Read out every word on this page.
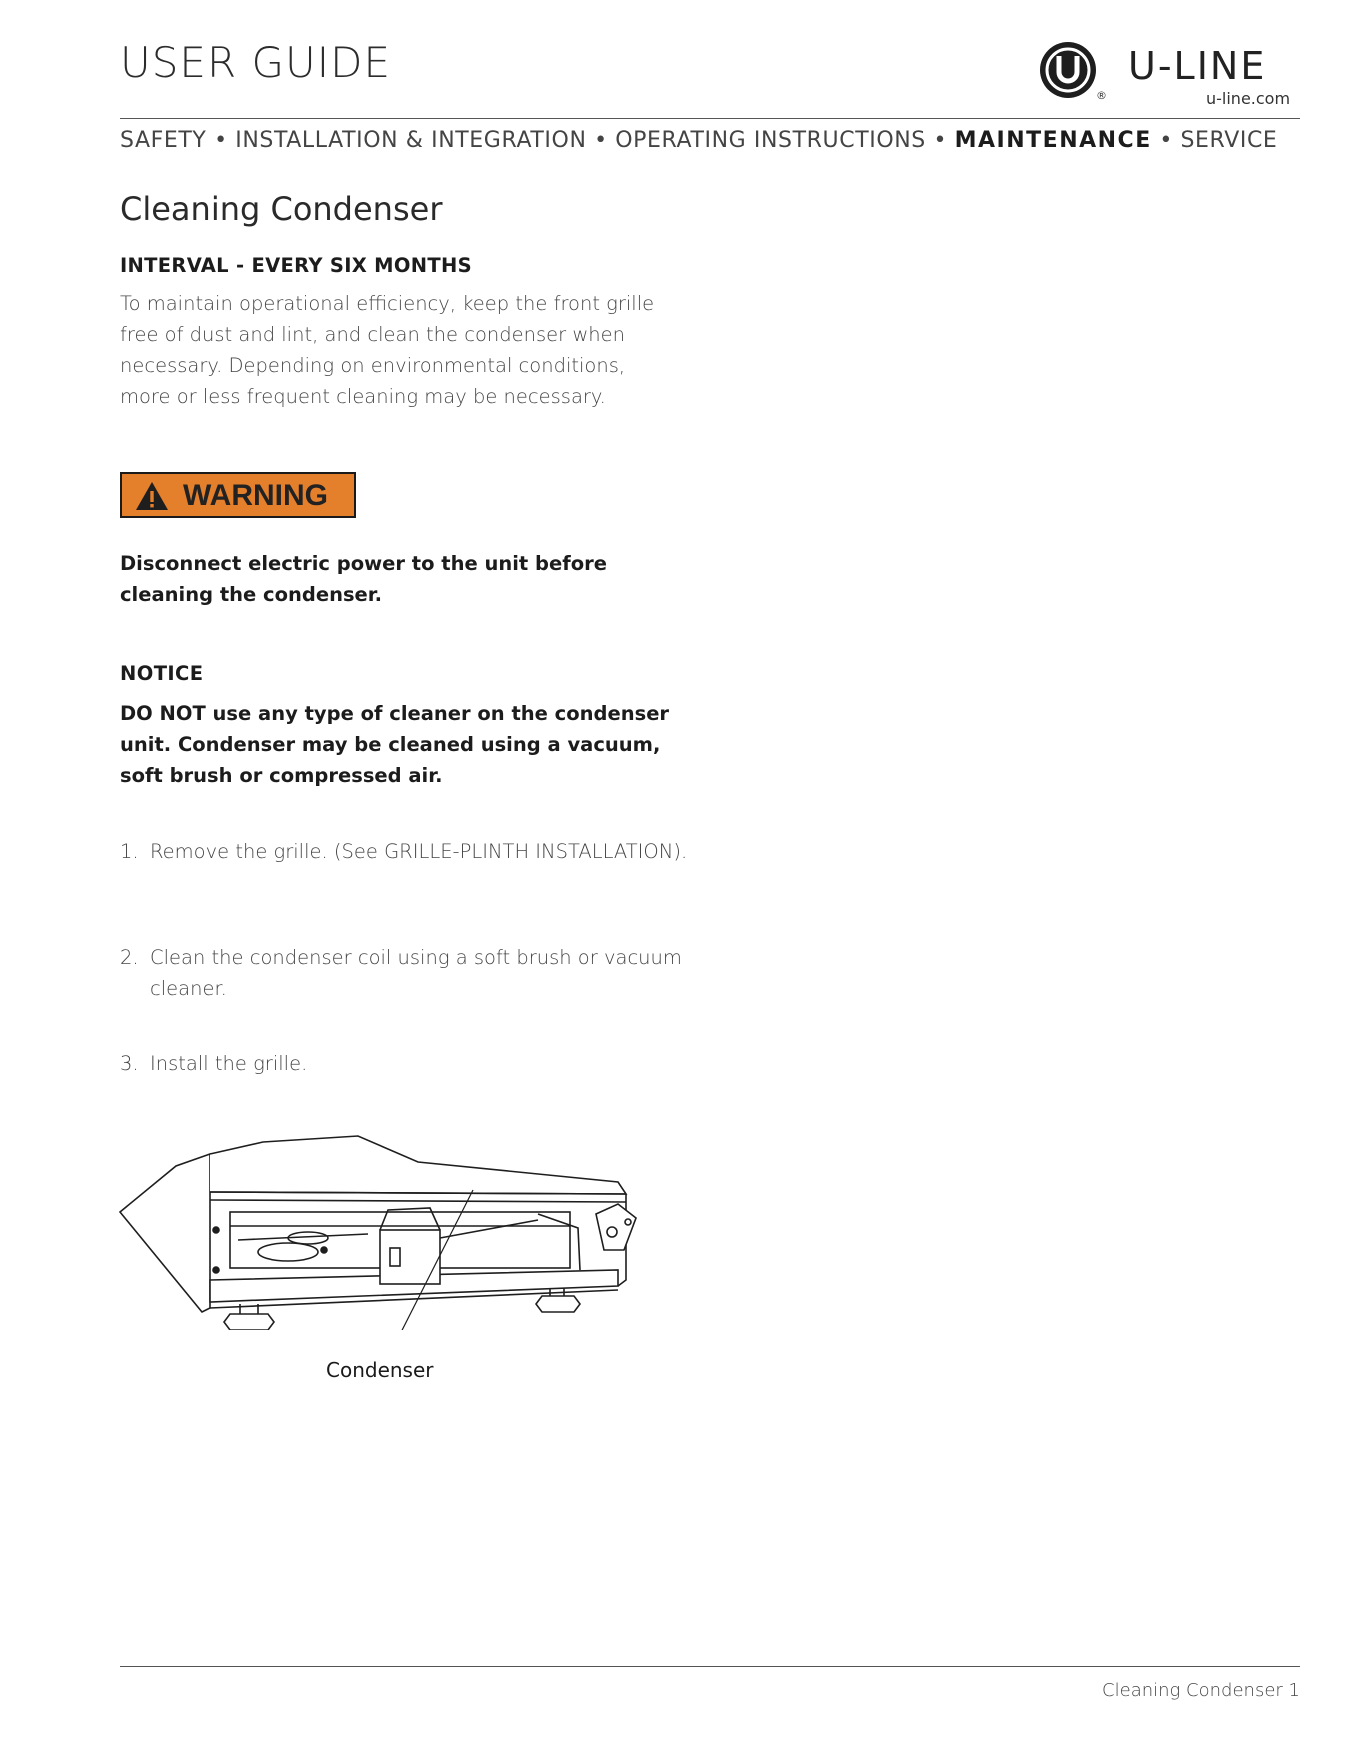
USER GUIDE
®
U-LINE
u-line.com
SAFETY • INSTALLATION & INTEGRATION • OPERATING INSTRUCTIONS • MAINTENANCE • SERVICE
Cleaning Condenser
INTERVAL - EVERY SIX MONTHS
To maintain operational efficiency, keep the front grille free of dust and lint, and clean the condenser when necessary. Depending on environmental conditions, more or less frequent cleaning may be necessary.
WARNING
Disconnect electric power to the unit before cleaning the condenser.
NOTICE
DO NOT use any type of cleaner on the condenser unit. Condenser may be cleaned using a vacuum, soft brush or compressed air.
1. Remove the grille. (See GRILLE-PLINTH INSTALLATION).
2. Clean the condenser coil using a soft brush or vacuum cleaner.
3. Install the grille.
Condenser
Cleaning Condenser 1
